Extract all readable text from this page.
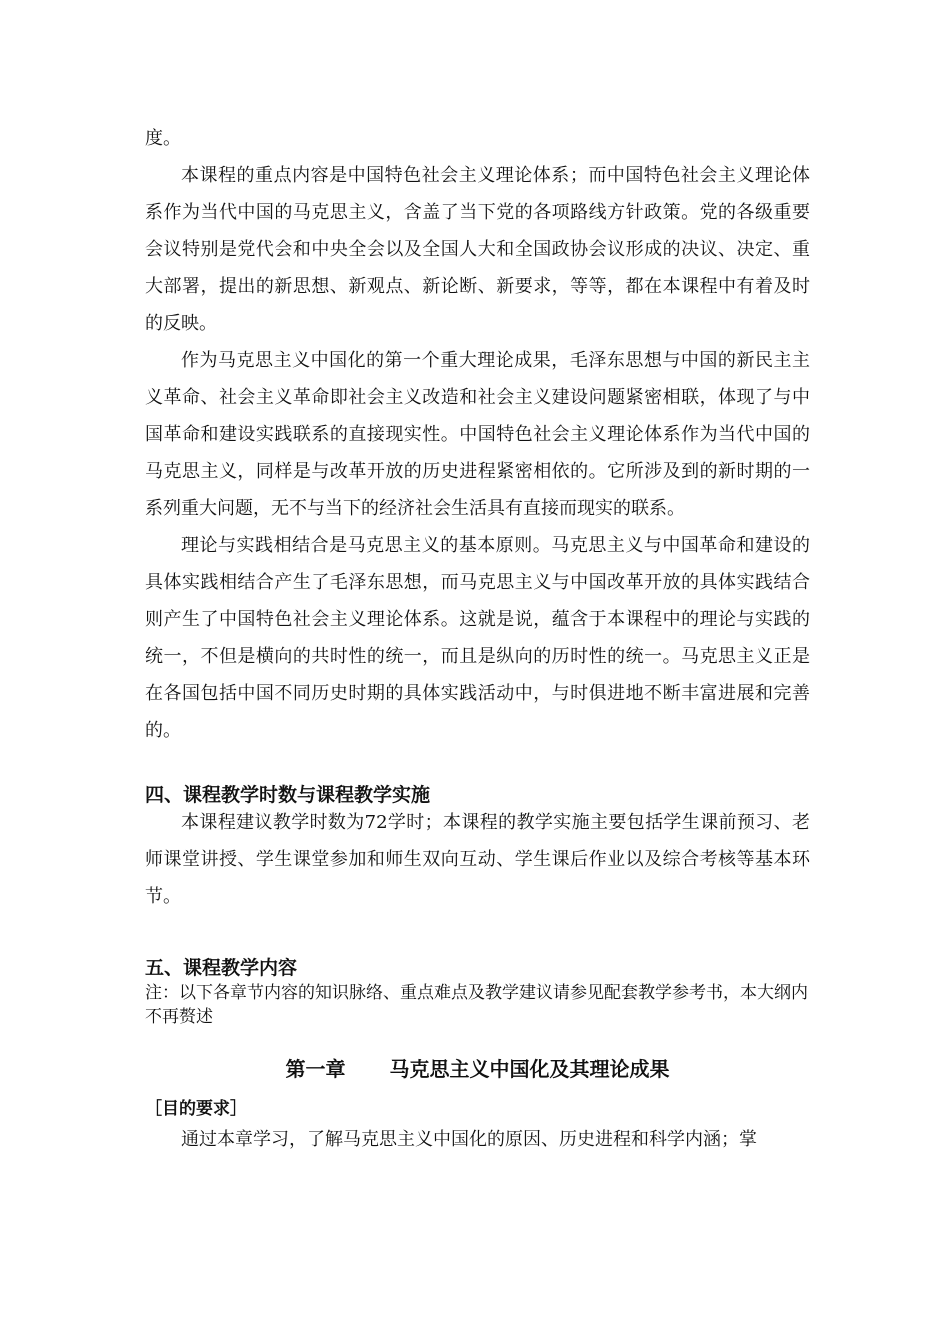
度。

本课程的重点内容是中国特色社会主义理论体系；而中国特色社会主义理论体系作为当代中国的马克思主义，含盖了当下党的各项路线方针政策。党的各级重要会议特别是党代会和中央全会以及全国人大和全国政协会议形成的决议、决定、重大部署，提出的新思想、新观点、新论断、新要求，等等，都在本课程中有着及时的反映。

作为马克思主义中国化的第一个重大理论成果，毛泽东思想与中国的新民主主义革命、社会主义革命即社会主义改造和社会主义建设问题紧密相联，体现了与中国革命和建设实践联系的直接现实性。中国特色社会主义理论体系作为当代中国的马克思主义，同样是与改革开放的历史进程紧密相依的。它所涉及到的新时期的一系列重大问题，无不与当下的经济社会生活具有直接而现实的联系。

理论与实践相结合是马克思主义的基本原则。马克思主义与中国革命和建设的具体实践相结合产生了毛泽东思想，而马克思主义与中国改革开放的具体实践结合则产生了中国特色社会主义理论体系。这就是说，蕴含于本课程中的理论与实践的统一，不但是横向的共时性的统一，而且是纵向的历时性的统一。马克思主义正是在各国包括中国不同历史时期的具体实践活动中，与时俱进地不断丰富进展和完善的。

四、课程教学时数与课程教学实施

本课程建议教学时数为72学时；本课程的教学实施主要包括学生课前预习、老师课堂讲授、学生课堂参加和师生双向互动、学生课后作业以及综合考核等基本环节。

五、课程教学内容

注：以下各章节内容的知识脉络、重点难点及教学建议请参见配套教学参考书，本大纲内不再赘述

第一章 马克思主义中国化及其理论成果

［目的要求］

通过本章学习，了解马克思主义中国化的原因、历史进程和科学内涵；掌
